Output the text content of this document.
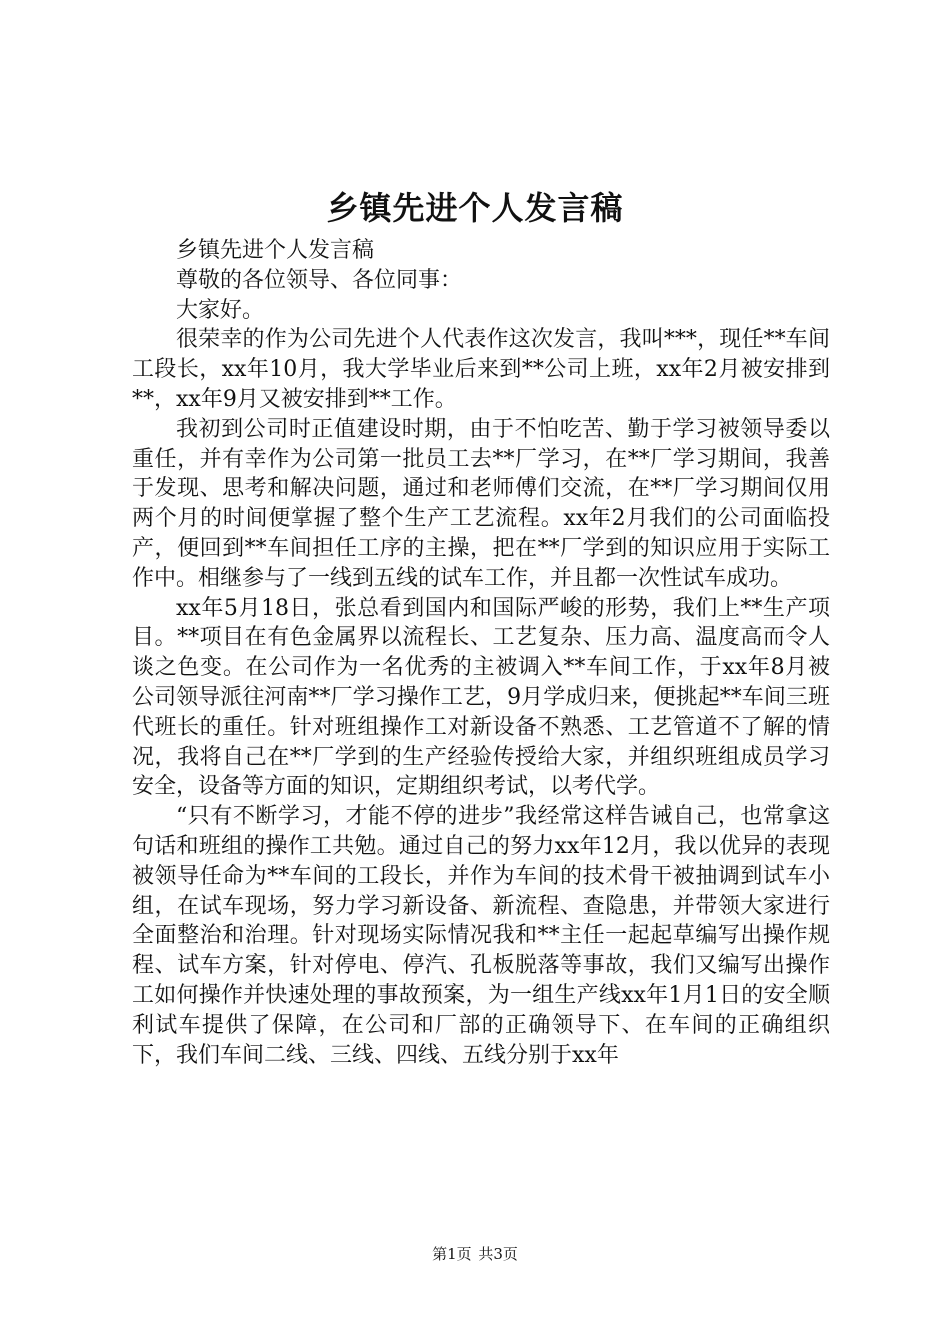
乡镇先进个人发言稿

乡镇先进个人发言稿

尊敬的各位领导、各位同事：

大家好。

很荣幸的作为公司先进个人代表作这次发言，我叫***，现任**车间工段长，xx年10月，我大学毕业后来到**公司上班，xx年2月被安排到**，xx年9月又被安排到**工作。

我初到公司时正值建设时期，由于不怕吃苦、勤于学习被领导委以重任，并有幸作为公司第一批员工去**厂学习，在**厂学习期间，我善于发现、思考和解决问题，通过和老师傅们交流，在**厂学习期间仅用两个月的时间便掌握了整个生产工艺流程。xx年2月我们的公司面临投产，便回到**车间担任工序的主操，把在**厂学到的知识应用于实际工作中。相继参与了一线到五线的试车工作，并且都一次性试车成功。

xx年5月18日，张总看到国内和国际严峻的形势，我们上**生产项目。**项目在有色金属界以流程长、工艺复杂、压力高、温度高而令人谈之色变。在公司作为一名优秀的主被调入**车间工作，于xx年8月被公司领导派往河南**厂学习操作工艺，9月学成归来，便挑起**车间三班代班长的重任。针对班组操作工对新设备不熟悉、工艺管道不了解的情况，我将自己在**厂学到的生产经验传授给大家，并组织班组成员学习安全，设备等方面的知识，定期组织考试，以考代学。

“只有不断学习，才能不停的进步”我经常这样告诫自己，也常拿这句话和班组的操作工共勉。通过自己的努力xx年12月，我以优异的表现被领导任命为**车间的工段长，并作为车间的技术骨干被抽调到试车小组，在试车现场，努力学习新设备、新流程、查隐患，并带领大家进行全面整治和治理。针对现场实际情况我和**主任一起起草编写出操作规程、试车方案，针对停电、停汽、孔板脱落等事故，我们又编写出操作工如何操作并快速处理的事故预案，为一组生产线xx年1月1日的安全顺利试车提供了保障，在公司和厂部的正确领导下、在车间的正确组织下，我们车间二线、三线、四线、五线分别于xx年

第1页 共3页
